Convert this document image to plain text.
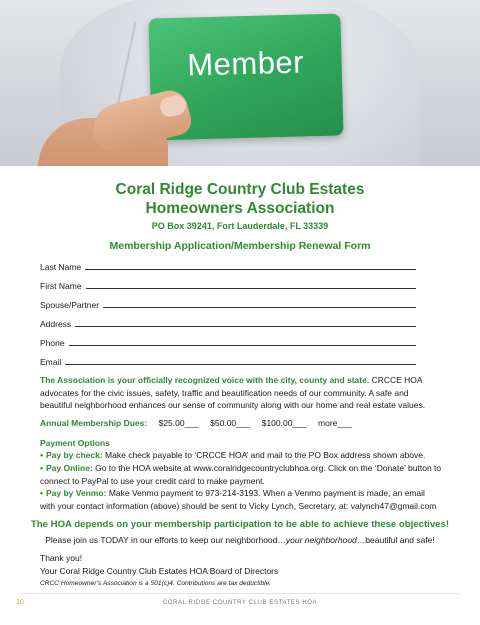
Member
Coral Ridge Country Club Estates
Homeowners Association
PO Box 39241, Fort Lauderdale, FL 33339
Membership Application/Membership Renewal Form
Last Name
First Name
Spouse/Partner
Address
Phone
Email
The Association is your officially recognized voice with the city, county and state. CRCCE HOA advocates for the civic issues, safety, traffic and beautification needs of our community. A safe and beautiful neighborhood enhances our sense of community along with our home and real estate values.
Annual Membership Dues: $25.00___ $50.00___ $100.00___ more___
Payment Options
• Pay by check: Make check payable to ‘CRCCE HOA’ and mail to the PO Box address shown above.
• Pay Online: Go to the HOA website at www.coralridgecountryclubhoa.org. Click on the ‘Donate’ button to connect to PayPal to use your credit card to make payment.
• Pay by Venmo: Make Venmo payment to 973-214-3193. When a Venmo payment is made, an email with your contact information (above) should be sent to Vicky Lynch, Secretary, at: valynch47@gmail.com
The HOA depends on your membership participation to be able to achieve these objectives!
Please join us TODAY in our efforts to keep our neighborhood…your neighborhood…beautiful and safe!
Thank you!
Your Coral Ridge Country Club Estates HOA Board of Directors
CRCC Homeowner’s Association is a 501(c)4. Contributions are tax deductible.
10	CORAL RIDGE COUNTRY CLUB ESTATES HOA
